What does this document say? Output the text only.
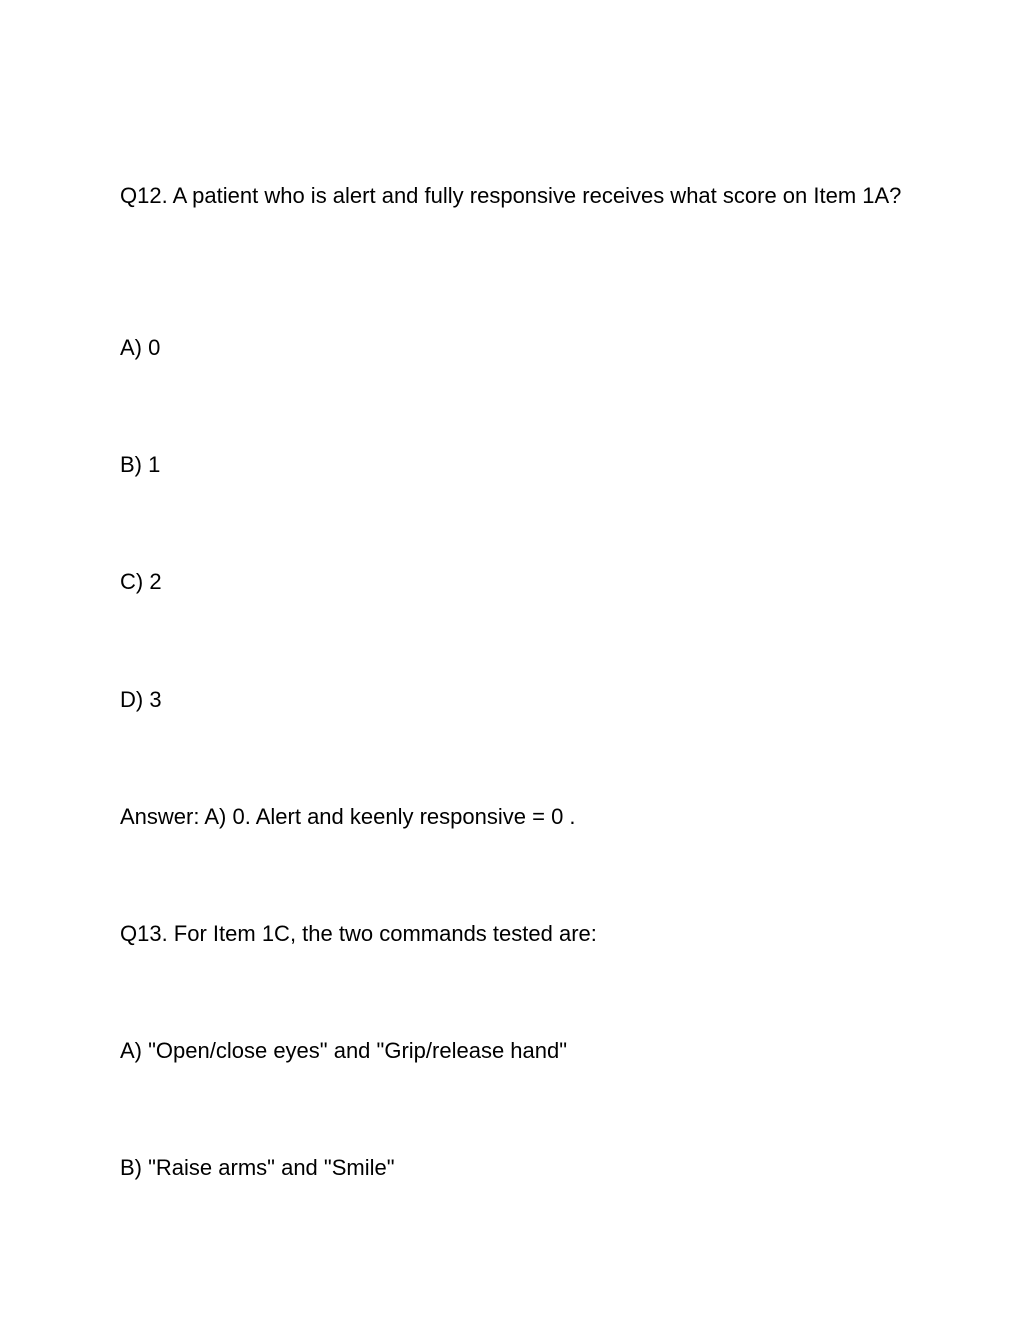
Q12. A patient who is alert and fully responsive receives what score on Item 1A?

A) 0

B) 1

C) 2

D) 3

Answer: A) 0. Alert and keenly responsive = 0 .

Q13. For Item 1C, the two commands tested are:

A) "Open/close eyes" and "Grip/release hand"

B) "Raise arms" and "Smile"
